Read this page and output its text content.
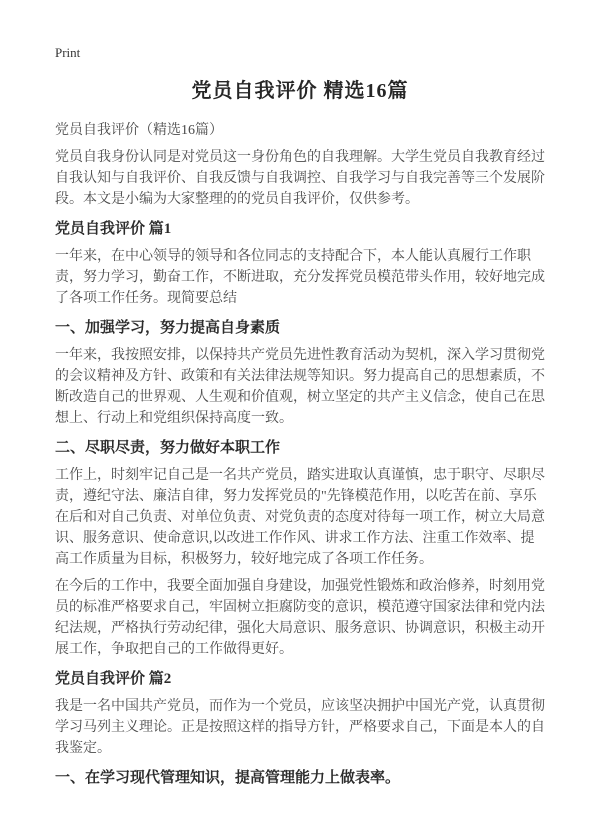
Print
党员自我评价 精选16篇

党员自我评价（精选16篇）

党员自我身份认同是对党员这一身份角色的自我理解。大学生党员自我教育经过自我认知与自我评价、自我反馈与自我调控、自我学习与自我完善等三个发展阶段。本文是小编为大家整理的的党员自我评价，仅供参考。

党员自我评价 篇1

一年来，在中心领导的领导和各位同志的支持配合下，本人能认真履行工作职责，努力学习，勤奋工作，不断进取，充分发挥党员模范带头作用，较好地完成了各项工作任务。现简要总结

一、加强学习，努力提高自身素质

一年来，我按照安排，以保持共产党员先进性教育活动为契机，深入学习贯彻党的会议精神及方针、政策和有关法律法规等知识。努力提高自己的思想素质，不断改造自己的世界观、人生观和价值观，树立坚定的共产主义信念，使自己在思想上、行动上和党组织保持高度一致。

二、尽职尽责，努力做好本职工作

工作上，时刻牢记自己是一名共产党员，踏实进取认真谨慎，忠于职守、尽职尽责，遵纪守法、廉洁自律，努力发挥党员的"先锋模范作用，以吃苦在前、享乐在后和对自己负责、对单位负责、对党负责的态度对待每一项工作，树立大局意识、服务意识、使命意识,以改进工作作风、讲求工作方法、注重工作效率、提高工作质量为目标，积极努力，较好地完成了各项工作任务。

在今后的工作中，我要全面加强自身建设，加强党性锻炼和政治修养，时刻用党员的标准严格要求自己，牢固树立拒腐防变的意识，模范遵守国家法律和党内法纪法规，严格执行劳动纪律，强化大局意识、服务意识、协调意识，积极主动开展工作，争取把自己的工作做得更好。

党员自我评价 篇2

我是一名中国共产党员，而作为一个党员，应该坚决拥护中国光产党，认真贯彻学习马列主义理论。正是按照这样的指导方针，严格要求自己，下面是本人的自我鉴定。

一、在学习现代管理知识，提高管理能力上做表率。
